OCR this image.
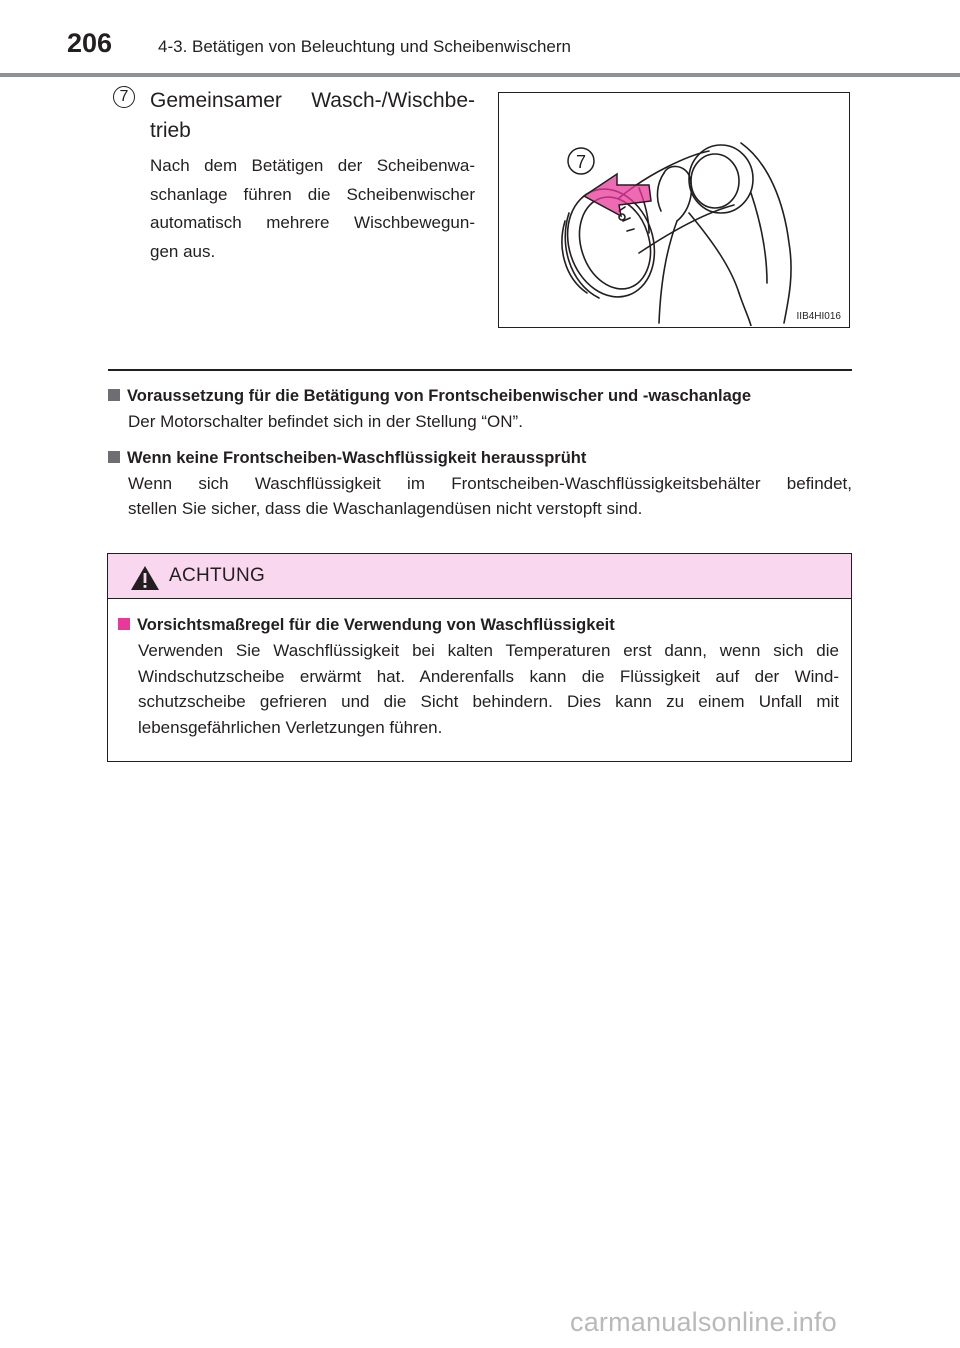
206	4-3. Betätigen von Beleuchtung und Scheibenwischern
7	Gemeinsamer Wasch-/Wischbe-
trieb
Nach dem Betätigen der Scheibenwa-
schanlage führen die Scheibenwischer
automatisch mehrere Wischbewegun-
gen aus.
7
IIB4HI016
Voraussetzung für die Betätigung von Frontscheibenwischer und -waschanlage
Der Motorschalter befindet sich in der Stellung “ON”.
Wenn keine Frontscheiben-Waschflüssigkeit heraussprüht
Wenn sich Waschflüssigkeit im Frontscheiben-Waschflüssigkeitsbehälter befindet,
stellen Sie sicher, dass die Waschanlagendüsen nicht verstopft sind.
ACHTUNG
Vorsichtsmaßregel für die Verwendung von Waschflüssigkeit
Verwenden Sie Waschflüssigkeit bei kalten Temperaturen erst dann, wenn sich die
Windschutzscheibe erwärmt hat. Anderenfalls kann die Flüssigkeit auf der Wind-
schutzscheibe gefrieren und die Sicht behindern. Dies kann zu einem Unfall mit
lebensgefährlichen Verletzungen führen.
carmanualsonline.info
